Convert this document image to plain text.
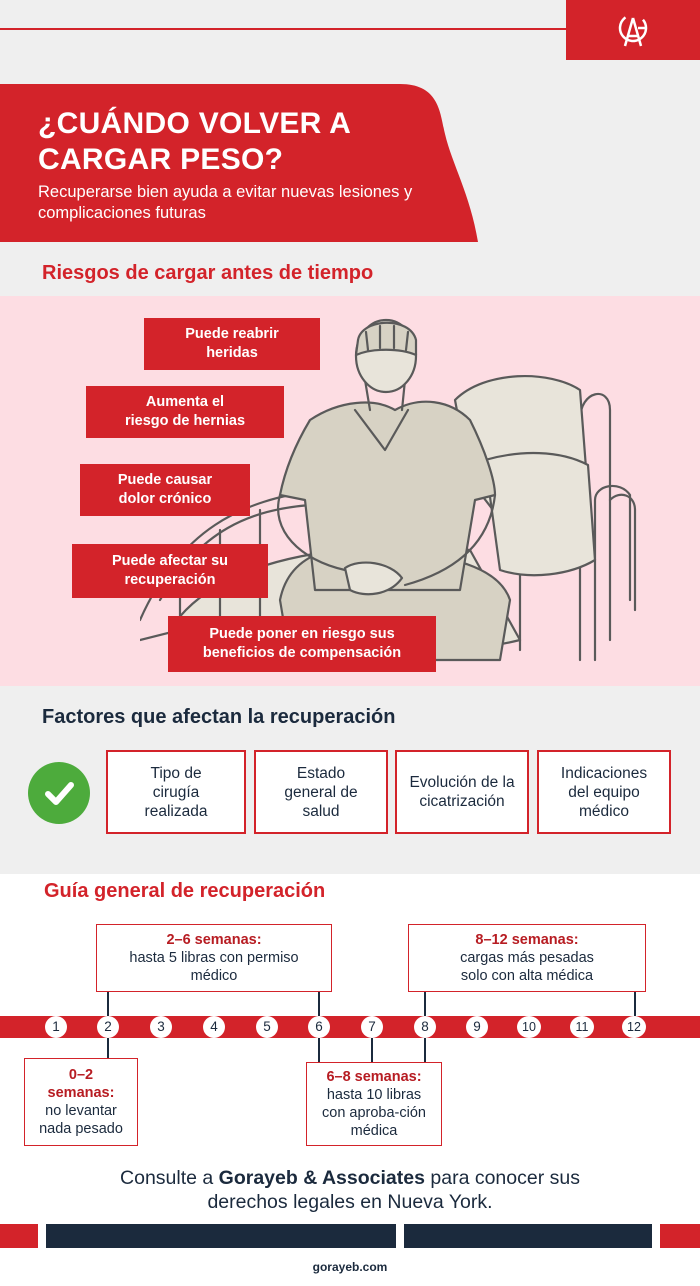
¿CUÁNDO VOLVER A CARGAR PESO?
Recuperarse bien ayuda a evitar nuevas lesiones y complicaciones futuras
Riesgos de cargar antes de tiempo
Puede reabrir heridas
Aumenta el riesgo de hernias
Puede causar dolor crónico
Puede afectar su recuperación
Puede poner en riesgo sus beneficios de compensación
Factores que afectan la recuperación
Tipo de cirugía realizada
Estado general de salud
Evolución de la cicatrización
Indicaciones del equipo médico
Guía general de recuperación
2–6 semanas:
hasta 5 libras con permiso médico
8–12 semanas:
cargas más pesadas solo con alta médica
0–2 semanas:
no levantar nada pesado
6–8 semanas:
hasta 10 libras con aproba-ción médica
1	2	3	4	5	6	7	8	9	10	11	12
Consulte a Gorayeb & Associates para conocer sus derechos legales en Nueva York.
gorayeb.com
